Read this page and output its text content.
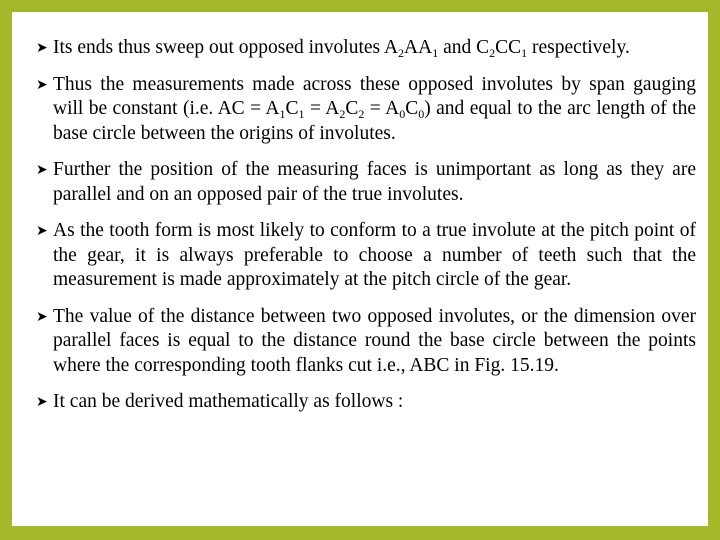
➤ Its ends thus sweep out opposed involutes $A_2AA_1$ and $C_2CC_1$ respectively.
➤ Thus the measurements made across these opposed involutes by span gauging will be constant (i.e. AC = $A_1C_1 = A_2C_2 = A_0C_0$) and equal to the arc length of the base circle between the origins of involutes.
➤ Further the position of the measuring faces is unimportant as long as they are parallel and on an opposed pair of the true involutes.
➤ As the tooth form is most likely to conform to a true involute at the pitch point of the gear, it is always preferable to choose a number of teeth such that the measurement is made approximately at the pitch circle of the gear.
➤ The value of the distance between two opposed involutes, or the dimension over parallel faces is equal to the distance round the base circle between the points where the corresponding tooth flanks cut i.e., ABC in Fig. 15.19.
➤ It can be derived mathematically as follows :
